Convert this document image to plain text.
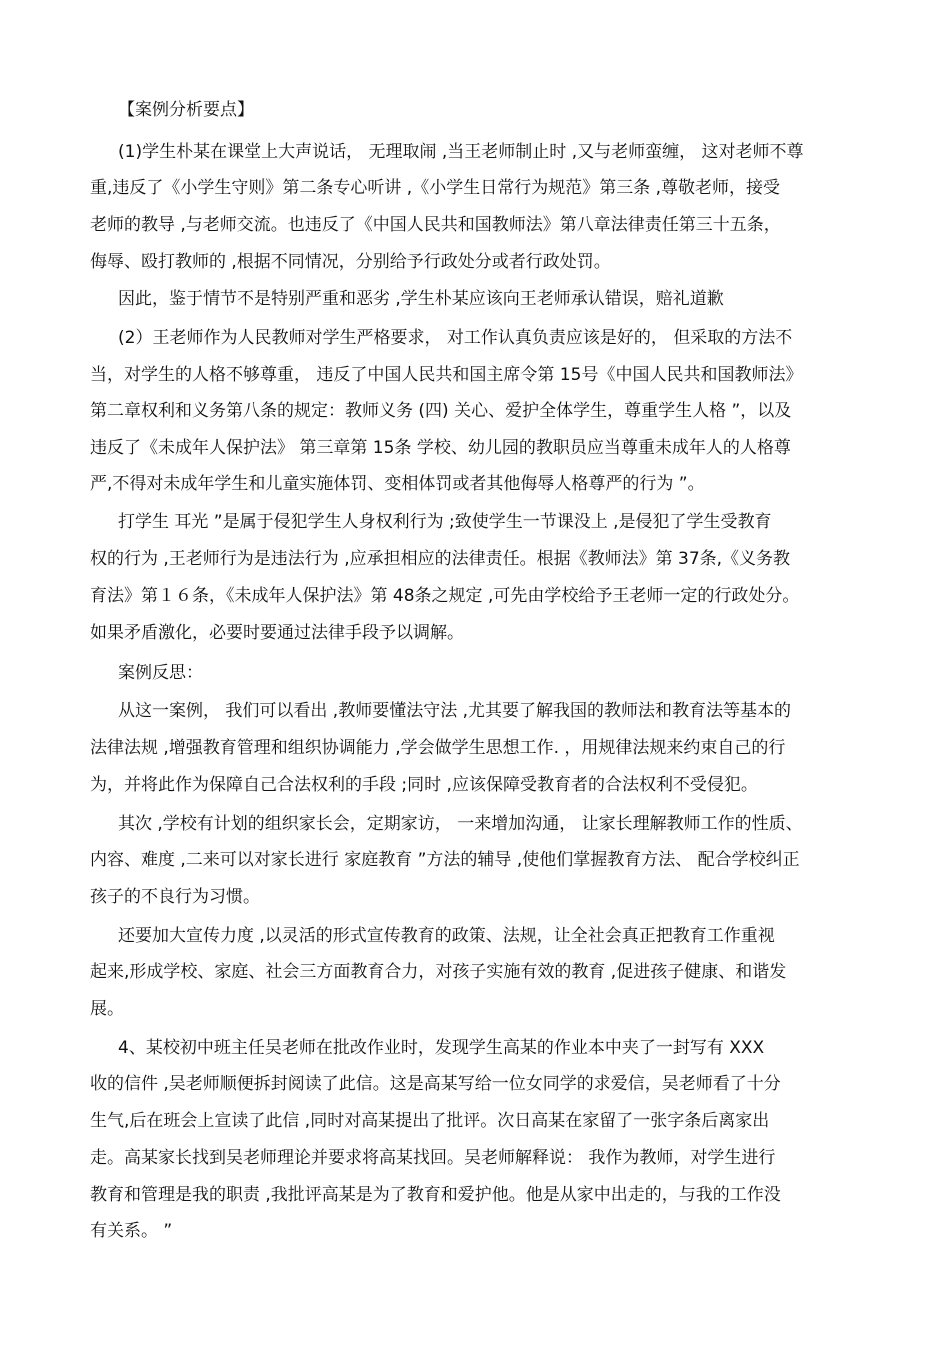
【案例分析要点】
(1)学生朴某在课堂上大声说话， 无理取闹 ,当王老师制止时 ,又与老师蛮缠， 这对老师不尊
重,违反了《小学生守则》第二条专心听讲 ,《小学生日常行为规范》第三条 ,尊敬老师，接受
老师的教导 ,与老师交流。也违反了《中国人民共和国教师法》第八章法律责任第三十五条，
侮辱、殴打教师的 ,根据不同情况，分别给予行政处分或者行政处罚。
因此，鉴于情节不是特别严重和恶劣 ,学生朴某应该向王老师承认错误，赔礼道歉
(2）王老师作为人民教师对学生严格要求， 对工作认真负责应该是好的， 但采取的方法不
当，对学生的人格不够尊重， 违反了中国人民共和国主席令第 15号《中国人民共和国教师法》
第二章权利和义务第八条的规定：教师义务 (四) 关心、爱护全体学生，尊重学生人格 ”，以及
违反了《未成年人保护法》 第三章第 15条 学校、幼儿园的教职员应当尊重未成年人的人格尊
严,不得对未成年学生和儿童实施体罚、变相体罚或者其他侮辱人格尊严的行为 ”。
打学生 耳光 ”是属于侵犯学生人身权利行为 ;致使学生一节课没上 ,是侵犯了学生受教育
权的行为 ,王老师行为是违法行为 ,应承担相应的法律责任。根据《教师法》第 37条,《义务教
育法》第１６条，《未成年人保护法》第 48条之规定 ,可先由学校给予王老师一定的行政处分。
如果矛盾激化，必要时要通过法律手段予以调解。
案例反思：
从这一案例， 我们可以看出 ,教师要懂法守法 ,尤其要了解我国的教师法和教育法等基本的
法律法规 ,增强教育管理和组织协调能力 ,学会做学生思想工作. ，用规律法规来约束自己的行
为，并将此作为保障自己合法权利的手段 ;同时 ,应该保障受教育者的合法权利不受侵犯。
其次 ,学校有计划的组织家长会，定期家访， 一来增加沟通， 让家长理解教师工作的性质、
内容、难度 ,二来可以对家长进行 家庭教育 ”方法的辅导 ,使他们掌握教育方法、 配合学校纠正
孩子的不良行为习惯。
还要加大宣传力度 ,以灵活的形式宣传教育的政策、法规，让全社会真正把教育工作重视
起来,形成学校、家庭、社会三方面教育合力，对孩子实施有效的教育 ,促进孩子健康、和谐发
展。
4、某校初中班主任吴老师在批改作业时，发现学生高某的作业本中夹了一封写有 XXX
收的信件 ,吴老师顺便拆封阅读了此信。这是高某写给一位女同学的求爱信，吴老师看了十分
生气,后在班会上宣读了此信 ,同时对高某提出了批评。次日高某在家留了一张字条后离家出
走。高某家长找到吴老师理论并要求将高某找回。吴老师解释说： 我作为教师，对学生进行
教育和管理是我的职责 ,我批评高某是为了教育和爱护他。他是从家中出走的，与我的工作没
有关系。 ”
